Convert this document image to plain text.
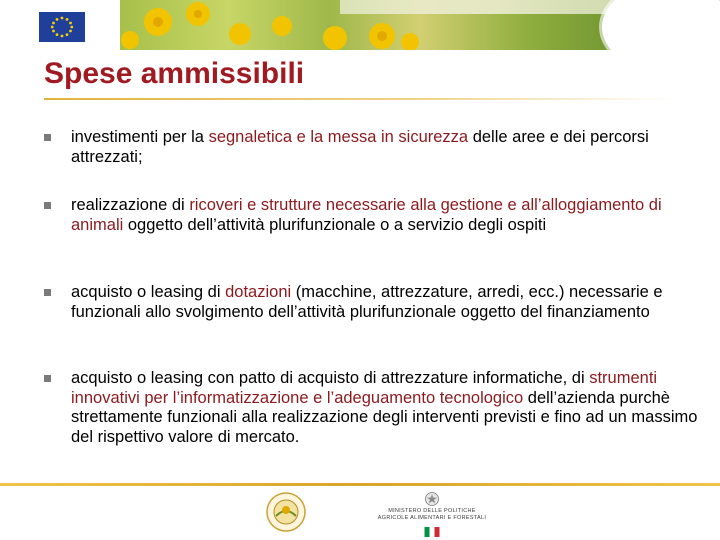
Spese ammissibili
investimenti per la segnaletica e la messa in sicurezza delle aree e dei percorsi attrezzati;
realizzazione di ricoveri e strutture necessarie alla gestione e all’alloggiamento di animali oggetto dell’attività plurifunzionale o a servizio degli ospiti
acquisto o leasing di dotazioni (macchine, attrezzature, arredi, ecc.) necessarie e funzionali allo svolgimento dell’attività plurifunzionale oggetto del finanziamento
acquisto o leasing con patto di acquisto di attrezzature informatiche, di strumenti innovativi per l’informatizzazione e l’adeguamento tecnologico dell’azienda purchè strettamente funzionali alla realizzazione degli interventi previsti e fino ad un massimo del rispettivo valore di mercato.
MINISTERO DELLE POLITICHE AGRICOLE ALIMENTARI E FORESTALI
